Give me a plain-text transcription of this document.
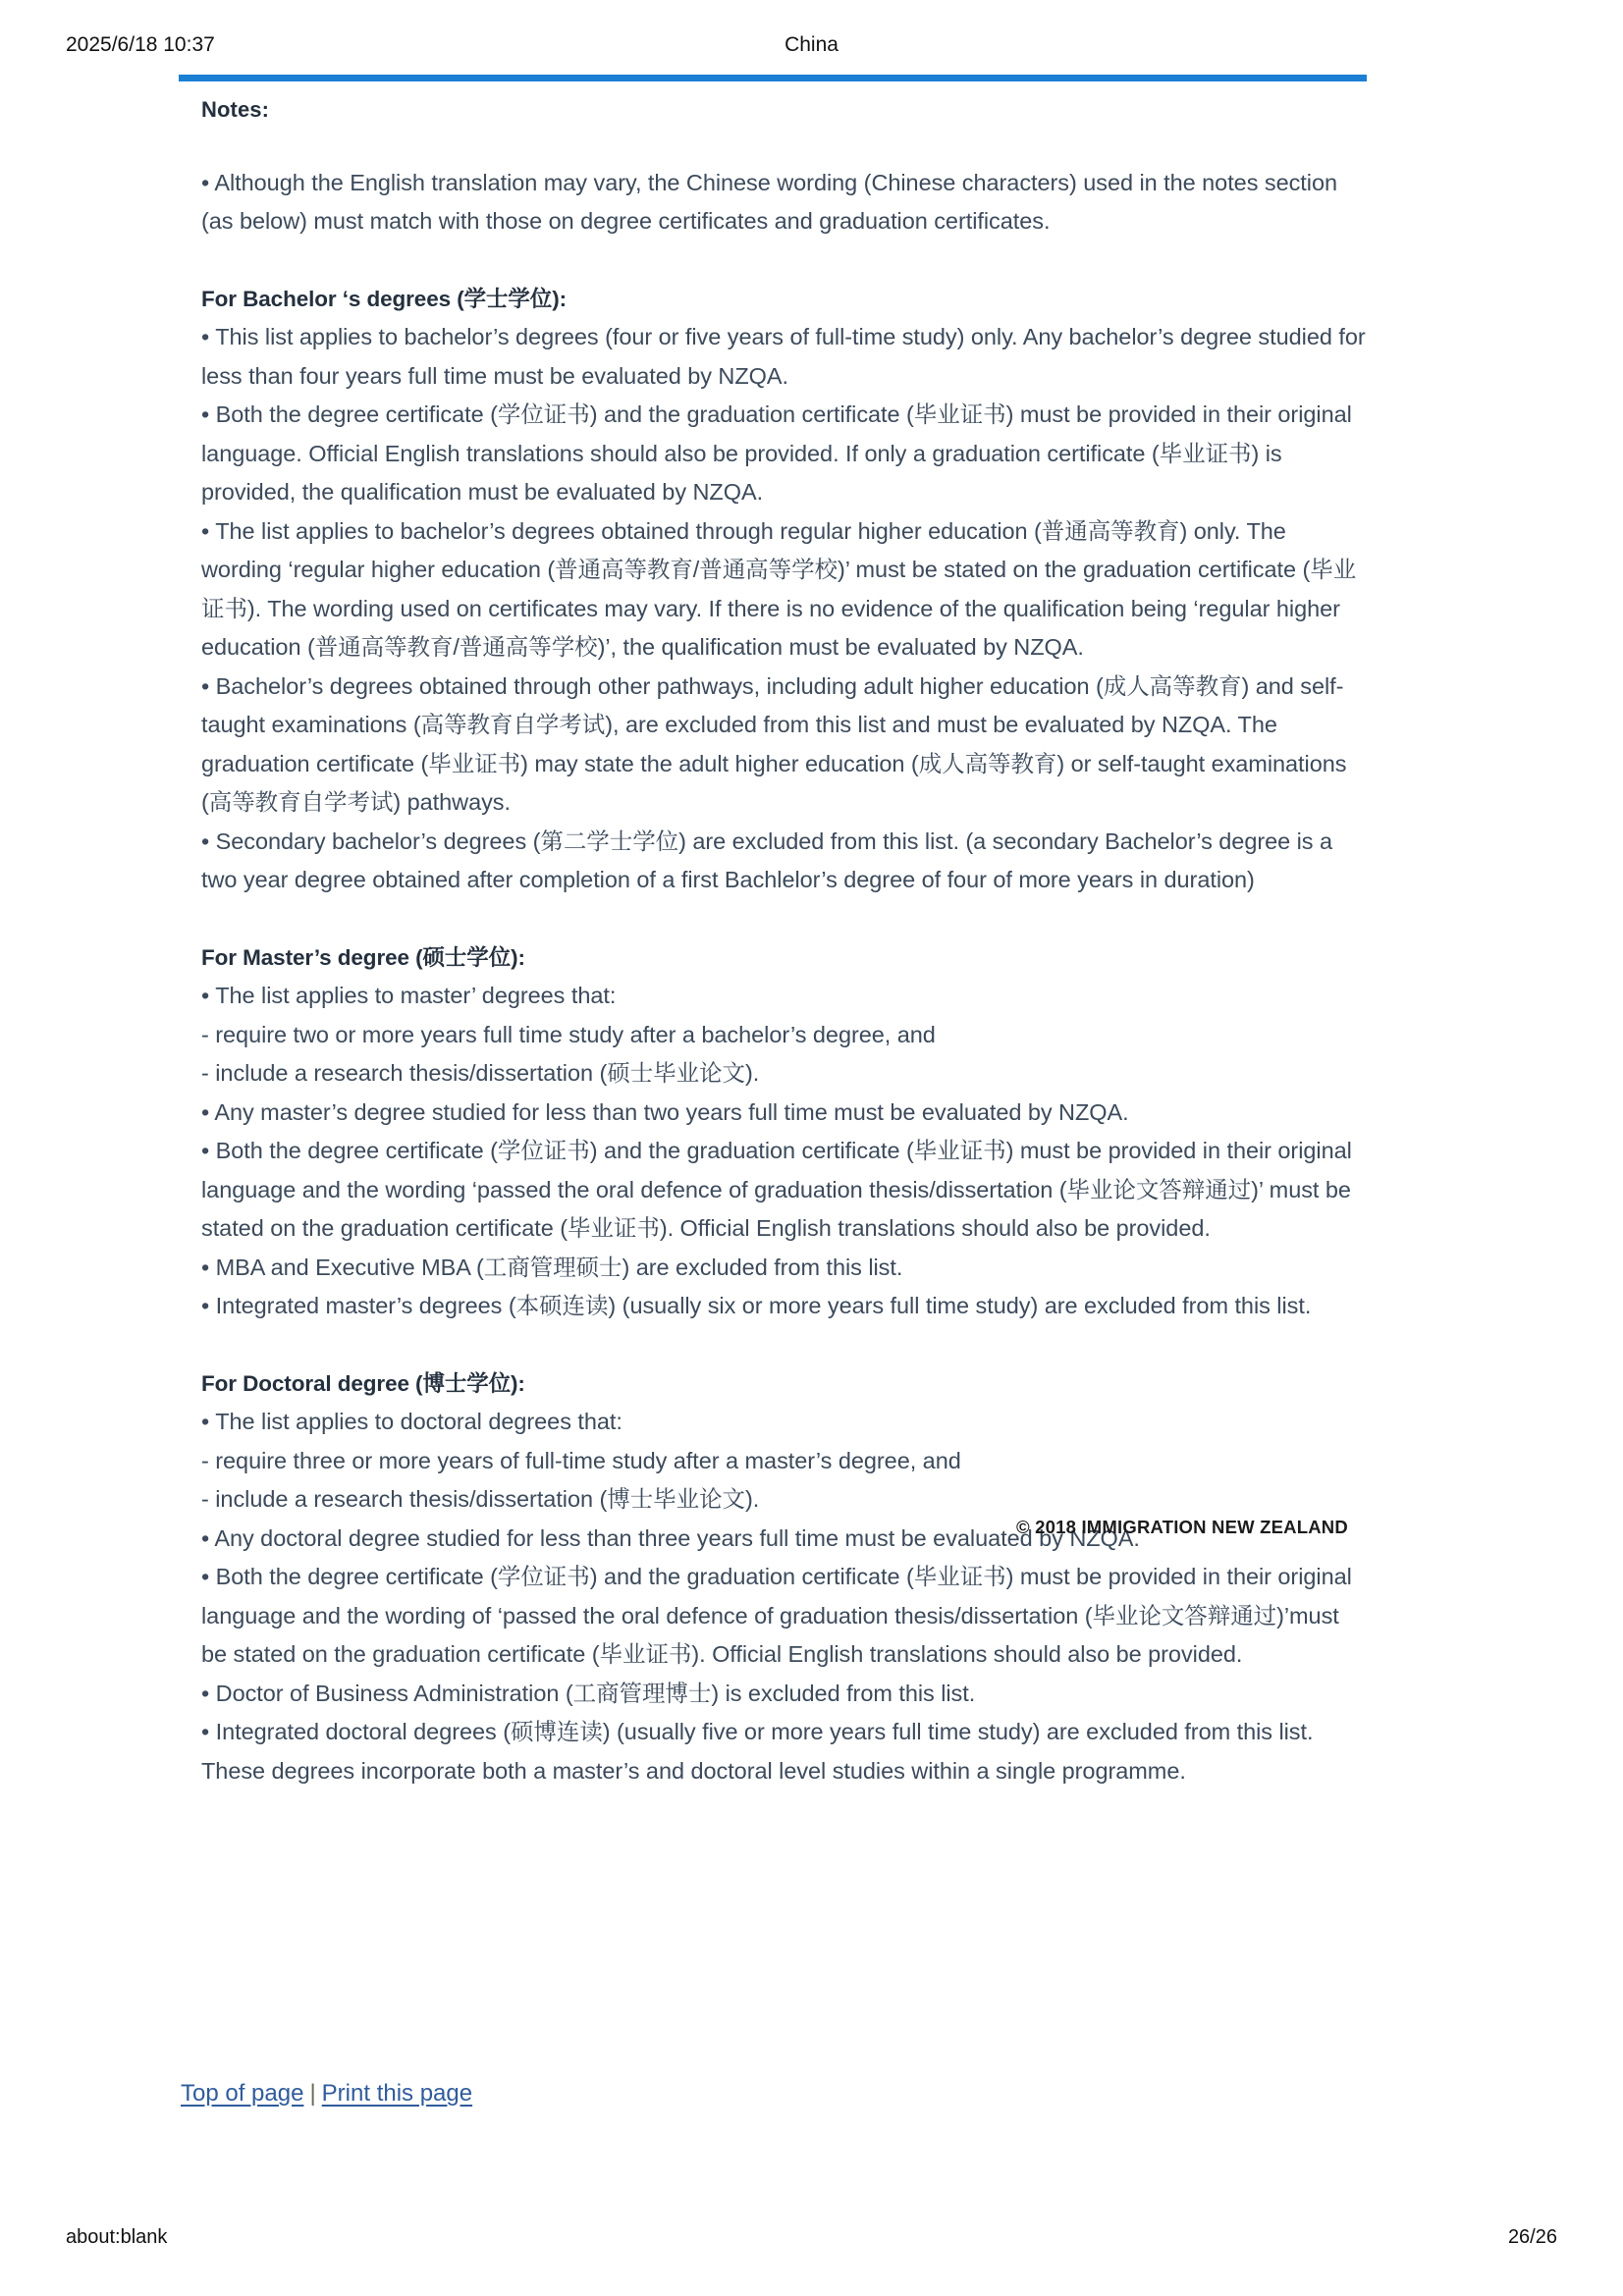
2025/6/18 10:37	China
Notes:

• Although the English translation may vary, the Chinese wording (Chinese characters) used in the notes section (as below) must match with those on degree certificates and graduation certificates.

For Bachelor ‘s degrees (学士学位):

• This list applies to bachelor’s degrees (four or five years of full-time study) only. Any bachelor’s degree studied for less than four years full time must be evaluated by NZQA.

• Both the degree certificate (学位证书) and the graduation certificate (毕业证书) must be provided in their original language. Official English translations should also be provided. If only a graduation certificate (毕业证书) is provided, the qualification must be evaluated by NZQA.

• The list applies to bachelor’s degrees obtained through regular higher education (普通高等教育) only. The wording ‘regular higher education (普通高等教育/普通高等学校)’ must be stated on the graduation certificate (毕业证书). The wording used on certificates may vary. If there is no evidence of the qualification being ‘regular higher education (普通高等教育/普通高等学校)’, the qualification must be evaluated by NZQA.

• Bachelor’s degrees obtained through other pathways, including adult higher education (成人高等教育) and self-taught examinations (高等教育自学考试), are excluded from this list and must be evaluated by NZQA. The graduation certificate (毕业证书) may state the adult higher education (成人高等教育) or self-taught examinations (高等教育自学考试) pathways.

• Secondary bachelor’s degrees (第二学士学位) are excluded from this list. (a secondary Bachelor’s degree is a two year degree obtained after completion of a first Bachlelor’s degree of four of more years in duration)

For Master’s degree (硕士学位):

• The list applies to master’ degrees that:

- require two or more years full time study after a bachelor’s degree, and

- include a research thesis/dissertation (硕士毕业论文).

• Any master’s degree studied for less than two years full time must be evaluated by NZQA.

• Both the degree certificate (学位证书) and the graduation certificate (毕业证书) must be provided in their original language and the wording ‘passed the oral defence of graduation thesis/dissertation (毕业论文答辩通过)’ must be stated on the graduation certificate (毕业证书). Official English translations should also be provided.

• MBA and Executive MBA (工商管理硕士) are excluded from this list.

• Integrated master’s degrees (本硕连读) (usually six or more years full time study) are excluded from this list.

For Doctoral degree (博士学位):

• The list applies to doctoral degrees that:

- require three or more years of full-time study after a master’s degree, and

- include a research thesis/dissertation (博士毕业论文).

• Any doctoral degree studied for less than three years full time must be evaluated by NZQA.

• Both the degree certificate (学位证书) and the graduation certificate (毕业证书) must be provided in their original language and the wording of ‘passed the oral defence of graduation thesis/dissertation (毕业论文答辩通过)’must be stated on the graduation certificate (毕业证书). Official English translations should also be provided.

• Doctor of Business Administration (工商管理博士) is excluded from this list.

• Integrated doctoral degrees (硕博连读) (usually five or more years full time study) are excluded from this list. These degrees incorporate both a master’s and doctoral level studies within a single programme.

© 2018 IMMIGRATION NEW ZEALAND
Top of page | Print this page
about:blank	26/26
